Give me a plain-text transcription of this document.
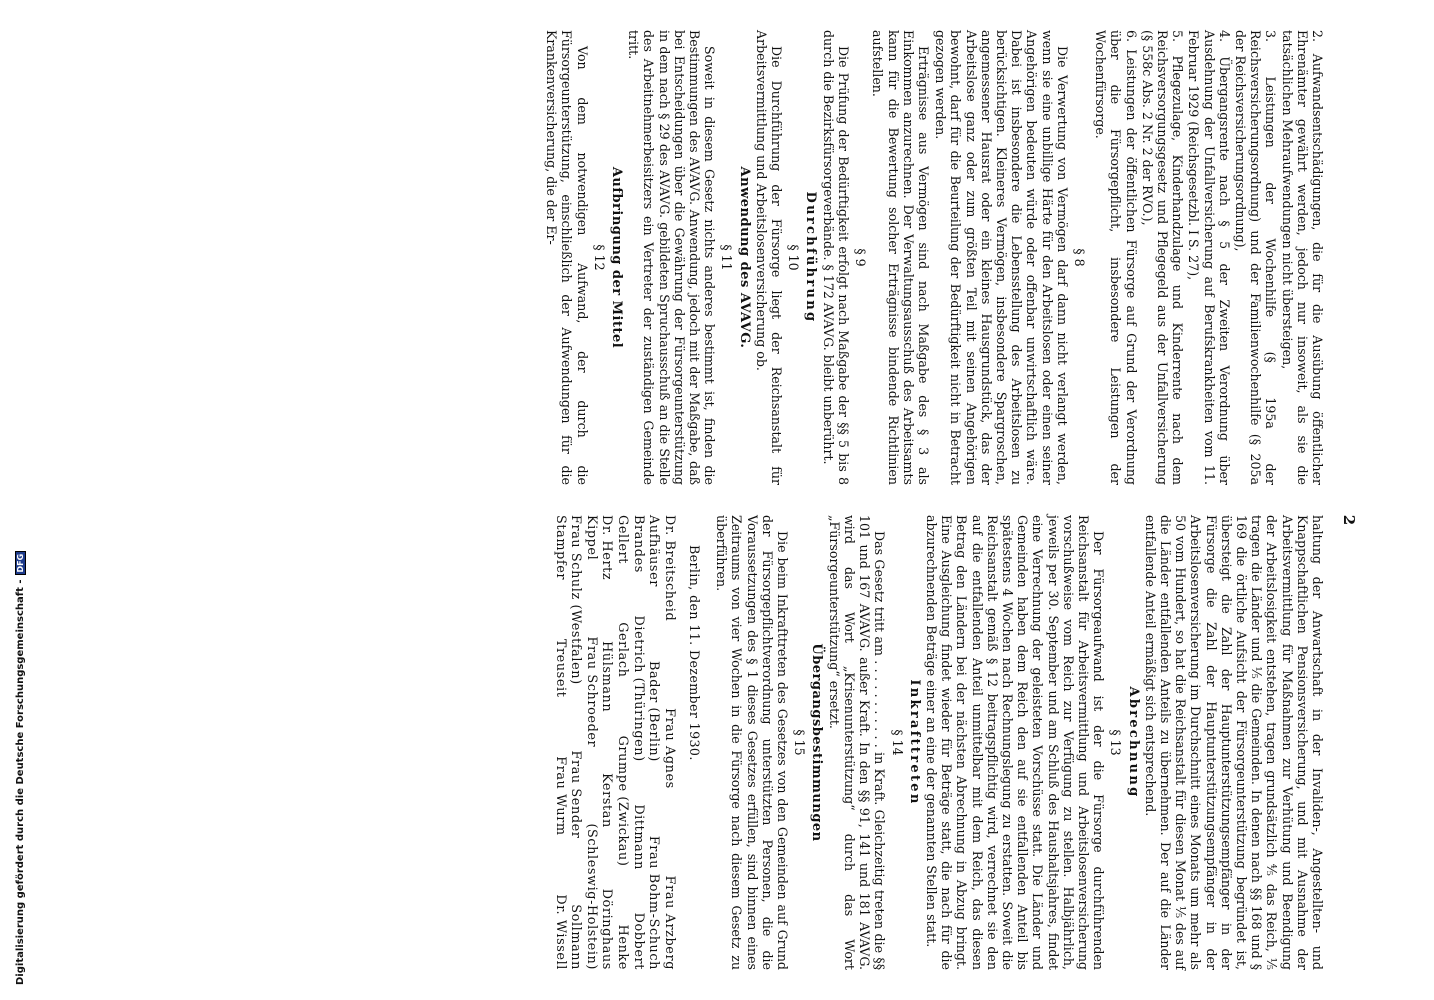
2
2. Aufwandsentschädigungen, die für die Ausübung öffentlicher Ehrenämter gewährt werden, jedoch nur insoweit, als sie die tatsächlichen Mehraufwendungen nicht übersteigen,
3. Leistungen der Wochenhilfe (§ 195a der Reichsversicherungsordnung) und der Familienwochenhilfe (§ 205a der Reichsversicherungsordnung),
4. Übergangsrente nach § 5 der Zweiten Verordnung über Ausdehnung der Unfallversicherung auf Berufskrankheiten vom 11. Februar 1929 (Reichsgesetzbl. I S. 27),
5. Pflegezulage, Kinderhandzulage und Kinderrente nach dem Reichsversorgungsgesetz und Pflegegeld aus der Unfallversicherung (§ 558c Abs. 2 Nr. 2 der RVO.),
6. Leistungen der öffentlichen Fürsorge auf Grund der Verordnung über die Fürsorgepflicht, insbesondere Leistungen der Wochenfürsorge.

§ 8

Die Verwertung von Vermögen darf dann nicht verlangt werden, wenn sie eine unbillige Härte für den Arbeitslosen oder einen seiner Angehörigen bedeuten würde oder offenbar unwirtschaftlich wäre. Dabei ist insbesondere die Lebensstellung des Arbeitslosen zu berücksichtigen. Kleineres Vermögen, insbesondere Spargroschen, angemessener Hausrat oder ein kleines Hausgrundstück, das der Arbeitslose ganz oder zum größten Teil mit seinen Angehörigen bewohnt, darf für die Beurteilung der Bedürftigkeit nicht in Betracht gezogen werden.

Erträgnisse aus Vermögen sind nach Maßgabe des § 3 als Einkommen anzurechnen. Der Verwaltungsausschuß des Arbeitsamts kann für die Bewertung solcher Erträgnisse bindende Richtlinien aufstellen.

§ 9

Die Prüfung der Bedürftigkeit erfolgt nach Maßgabe der §§ 5 bis 8 durch die Bezirksfürsorgeverbände. § 172 AVAVG. bleibt unberührt.

Durchführung

§ 10

Die Durchführung der Fürsorge liegt der Reichsanstalt für Arbeitsvermittlung und Arbeitslosenversicherung ob.

Anwendung des AVAVG.

§ 11

Soweit in diesem Gesetz nichts anderes bestimmt ist, finden die Bestimmungen des AVAVG. Anwendung, jedoch mit der Maßgabe, daß bei Entscheidungen über die Gewährung der Fürsorgeunterstützung in dem nach § 29 des AVAVG. gebildeten Spruchausschuß an die Stelle des Arbeitnehmerbeisitzers ein Vertreter der zuständigen Gemeinde tritt.

Aufbringung der Mittel

§ 12

Von dem notwendigen Aufwand, der durch die Fürsorgeunterstützung, einschließlich der Aufwendungen für die Krankenversicherung, die der Er-

haltung der Anwartschaft in der Invaliden-, Angestellten- und Knappschaftlichen Pensionsversicherung, und mit Ausnahme der Arbeitsvermittlung für Maßnahmen zur Verhütung und Beendigung der Arbeitslosigkeit entstehen, tragen grundsätzlich ⅘ das Reich, ⅕ tragen die Länder und ⅕ die Gemeinden. In denen nach §§ 168 und § 169 die örtliche Aufsicht der Fürsorgeunterstützung begründet ist, übersteigt die Zahl der Hauptunterstützungsempfänger in der Fürsorge die Zahl der Hauptunterstützungsempfänger in der Arbeitslosenversicherung im Durchschnitt eines Monats um mehr als 50 vom Hundert, so hat die Reichsanstalt für diesen Monat ⅕ des auf die Länder entfallenden Anteils zu übernehmen. Der auf die Länder entfallende Anteil ermäßigt sich entsprechend.

Abrechnung

§ 13

Der Fürsorgeaufwand ist der die Fürsorge durchführenden Reichsanstalt für Arbeitsvermittlung und Arbeitslosenversicherung vorschußweise vom Reich zur Verfügung zu stellen. Halbjährlich, jeweils per 30. September und am Schluß des Haushaltsjahres, findet eine Verrechnung der geleisteten Vorschüsse statt. Die Länder und Gemeinden haben dem Reich den auf sie entfallenden Anteil bis spätestens 4 Wochen nach Rechnungslegung zu erstatten. Soweit die Reichsanstalt gemäß § 12 beitragspflichtig wird, verrechnet sie den auf die entfallenden Anteil unmittelbar mit dem Reich, das diesen Betrag den Ländern bei der nächsten Abrechnung in Abzug bringt. Eine Ausgleichung findet wieder für Beträge statt, die nach für die abzurechnenden Beträge einer an eine der genannten Stellen statt.

Inkrafttreten

§ 14

Das Gesetz tritt am . . . . . . . . . . . in Kraft. Gleichzeitig treten die §§ 101 und 167 AVAVG. außer Kraft. In den §§ 91, 141 und 181 AVAVG. wird das Wort „Krisenunterstützung“ durch das Wort „Fürsorgeunterstützung“ ersetzt.

Übergangsbestimmungen

§ 15

Die beim Inkrafttreten des Gesetzes von den Gemeinden auf Grund der Fürsorgepflichtverordnung unterstützten Personen, die die Voraussetzungen des § 1 dieses Gesetzes erfüllen, sind binnen eines Zeitraums von vier Wochen in die Fürsorge nach diesem Gesetz zu überführen.

Berlin, den 11. Dezember 1930.

Dr. Breitscheid
Frau Agnes
Frau Arzberg
Aufhäuser
Bader (Berlin)
Frau Bohm-Schuch
Brandes
Dietrich (Thüringen)
Dittmann
Dobbert
Gellert
Gerlach
Grumpe (Zwickau)
Henke
Dr. Hertz
Hülsmann
Kerstan
Döringhaus
Kippel
Frau Schroeder
(Schleswig-Holstein)
Frau Schulz (Westfalen)
Frau Sender
Sollmann
Stampfer
Treuseit
Frau Wurm
Dr. Wissell
Digitalisierung gefördert durch die Deutsche Forschungsgemeinschaft -
DFG
